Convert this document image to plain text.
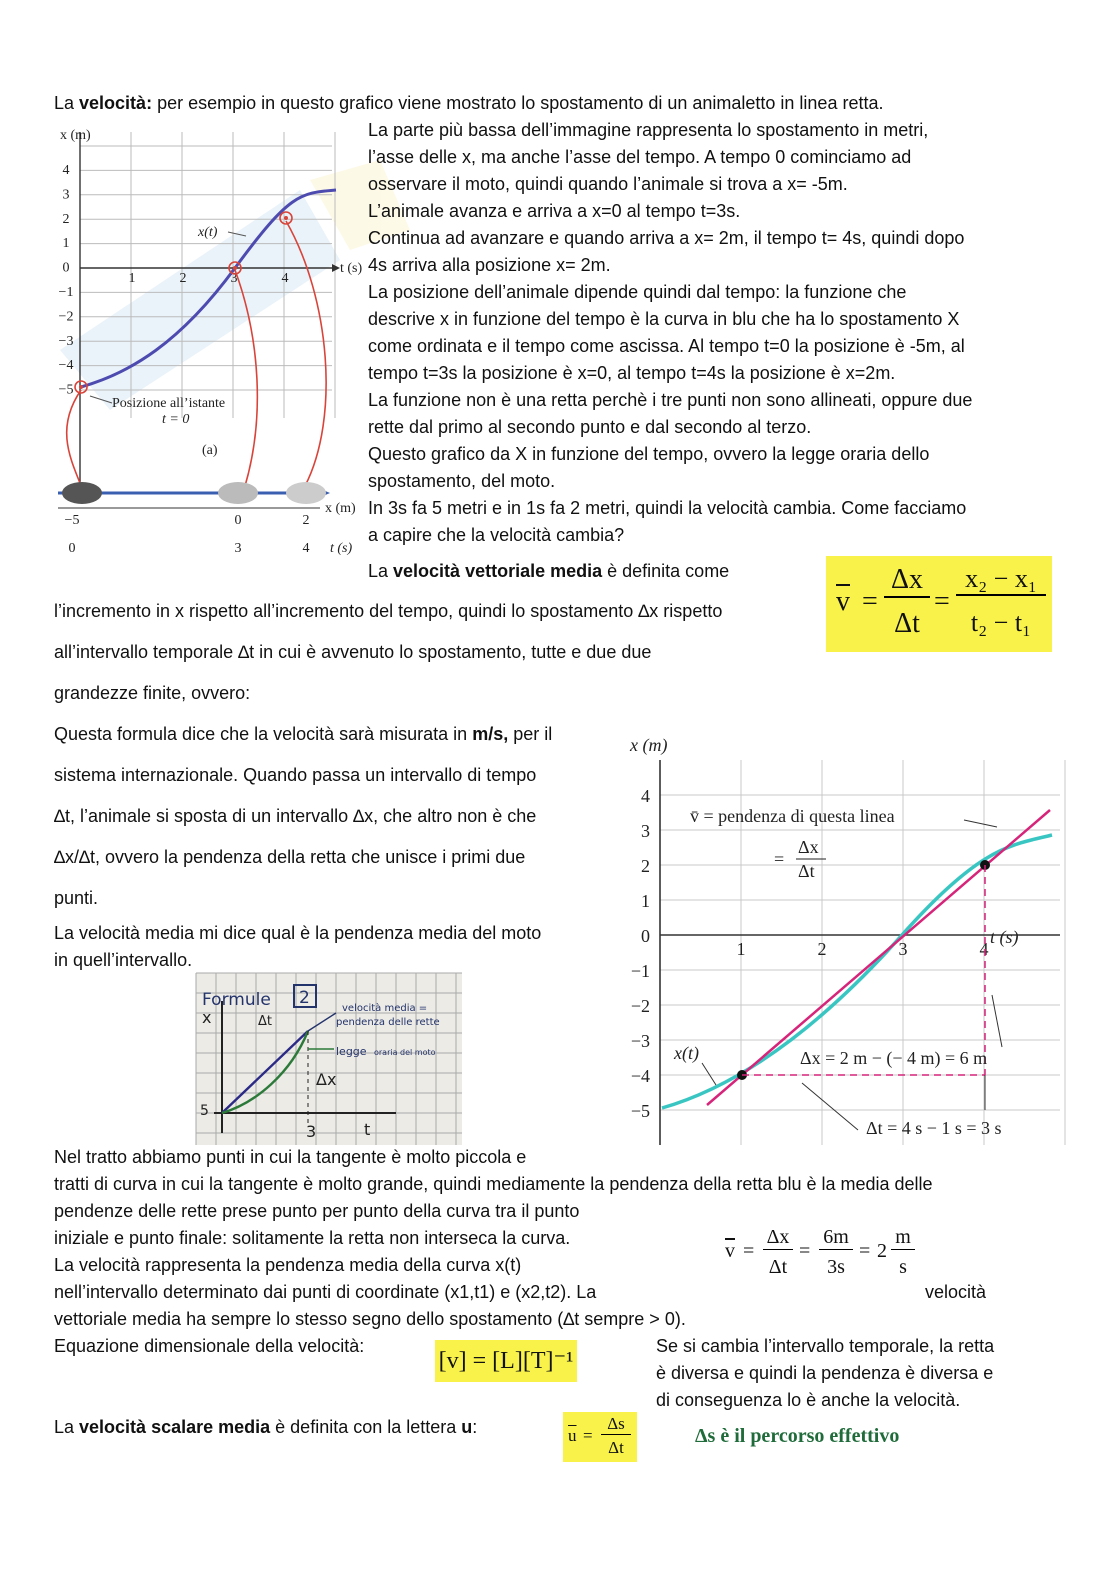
La velocità: per esempio in questo grafico viene mostrato lo spostamento di un animaletto in linea retta.

La parte più bassa dell’immagine rappresenta lo spostamento in metri,
l’asse delle x, ma anche l’asse del tempo. A tempo 0 cominciamo ad
osservare il moto, quindi quando l’animale si trova a x= -5m.
L’animale avanza e arriva a x=0 al tempo t=3s.
Continua ad avanzare e quando arriva a x= 2m, il tempo t= 4s, quindi dopo
4s arriva alla posizione x= 2m.
La posizione dell’animale dipende quindi dal tempo: la funzione che
descrive x in funzione del tempo è la curva in blu che ha lo spostamento X
come ordinata e il tempo come ascissa. Al tempo t=0 la posizione è -5m, al
tempo t=3s la posizione è x=0, al tempo t=4s la posizione è x=2m.
La funzione non è una retta perchè i tre punti non sono allineati, oppure due
rette dal primo al secondo punto e dal secondo al terzo.
Questo grafico da X in funzione del tempo, ovvero la legge oraria dello
spostamento, del moto.
In 3s fa 5 metri e in 1s fa 2 metri, quindi la velocità cambia. Come facciamo
a capire che la velocità cambia?
x (m)
t (s)
4
3
2
1
0
−1
−2
−3
−4
−5
1	2	3	4
x(t)
Posizione all’istante
t = 0
(a)
x (m)
−5	0	2
0	3	4 t (s)

La velocità vettoriale media è definita come

$\overline{v}$ =
Δx
Δt
=
x₂ − x₁
t₂ − t₁
l’incremento in x rispetto all’incremento del tempo, quindi lo spostamento ∆x rispetto
all’intervallo temporale ∆t in cui è avvenuto lo spostamento, tutte e due due
grandezze finite, ovvero:
Questa formula dice che la velocità sarà misurata in m/s, per il
sistema internazionale. Quando passa un intervallo di tempo
∆t, l’animale si sposta di un intervallo ∆x, che altro non è che
∆x/∆t, ovvero la pendenza della retta che unisce i primi due
punti.
La velocità media mi dice qual è la pendenza media del moto
in quell’intervallo.
x (m)
4
3
2
1
0
−1
−2
−3
−4
−5
1	2	3	4
t (s)
v̄ = pendenza di questa linea
=
Δx
Δt
x(t)	Δx = 2 m − (− 4 m) = 6 m
Δt = 4 s − 1 s = 3 s
Formule 2
velocità media =
pendenza delle rette
legge oraria del moto
x	Δt
Δx
5
3	t
Nel tratto abbiamo punti in cui la tangente è molto piccola e
tratti di curva in cui la tangente è molto grande, quindi mediamente la pendenza della retta blu è la media delle
pendenze delle rette prese punto per punto della curva tra il punto
iniziale e punto finale: solitamente la retta non interseca la curva.
La velocità rappresenta la pendenza media della curva x(t)
nell’intervallo determinato dai punti di coordinate (x1,t1) e (x2,t2). La
vettoriale media ha sempre lo stesso segno dello spostamento (∆t sempre > 0).
velocità
$\overline{v}$ =
Δx
Δt
=
6m
3s
= 2
m
s

Equazione dimensionale della velocità:

[v] = [L][T]⁻¹
Se si cambia l’intervallo temporale, la retta
è diversa e quindi la pendenza è diversa e
di conseguenza lo è anche la velocità.

La velocità scalare media è definita con la lettera u:	$\overline{u}$ =
Δs
Δt
Δs è il percorso effettivo
